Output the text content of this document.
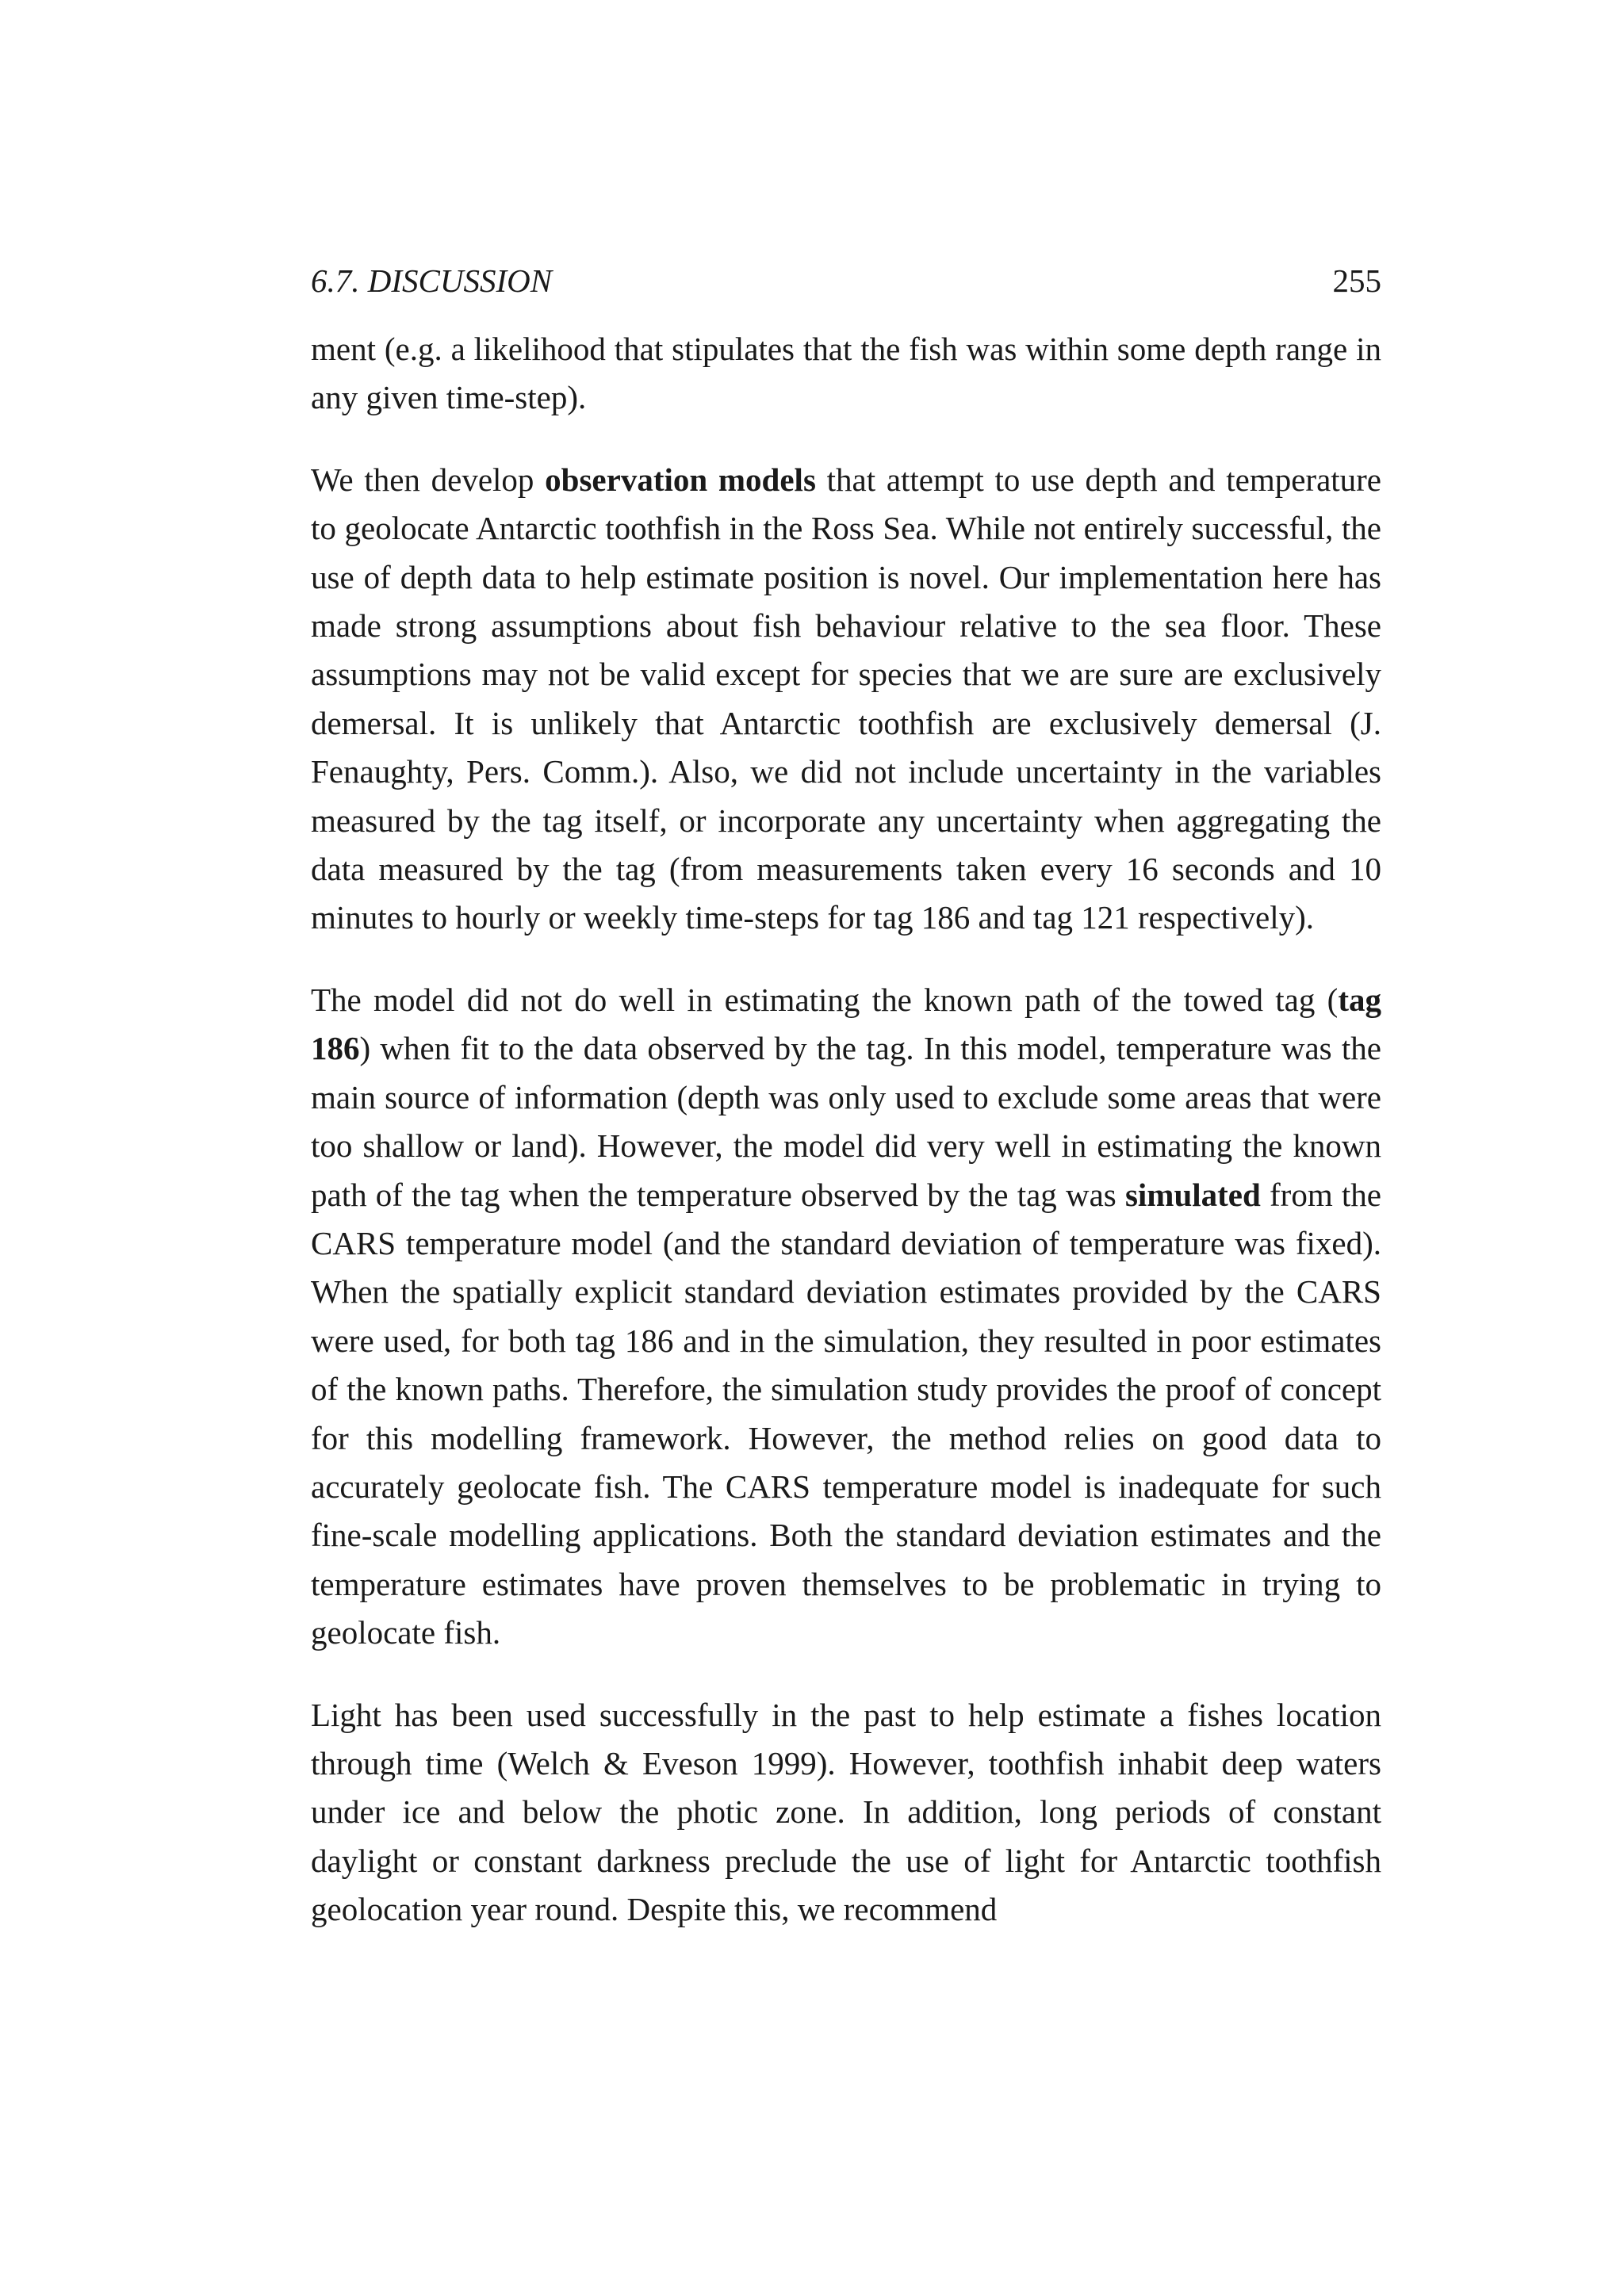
6.7. DISCUSSION	255

ment (e.g. a likelihood that stipulates that the fish was within some depth range in any given time-step).

We then develop observation models that attempt to use depth and temperature to geolocate Antarctic toothfish in the Ross Sea. While not entirely successful, the use of depth data to help estimate position is novel. Our implementation here has made strong assumptions about fish behaviour relative to the sea floor. These assumptions may not be valid except for species that we are sure are exclusively demersal. It is unlikely that Antarctic toothfish are exclusively demersal (J. Fenaughty, Pers. Comm.). Also, we did not include uncertainty in the variables measured by the tag itself, or incorporate any uncertainty when aggregating the data measured by the tag (from measurements taken every 16 seconds and 10 minutes to hourly or weekly time-steps for tag 186 and tag 121 respectively).

The model did not do well in estimating the known path of the towed tag (tag 186) when fit to the data observed by the tag. In this model, temperature was the main source of information (depth was only used to exclude some areas that were too shallow or land). However, the model did very well in estimating the known path of the tag when the temperature observed by the tag was simulated from the CARS temperature model (and the standard deviation of temperature was fixed). When the spatially explicit standard deviation estimates provided by the CARS were used, for both tag 186 and in the simulation, they resulted in poor estimates of the known paths. Therefore, the simulation study provides the proof of concept for this modelling framework. However, the method relies on good data to accurately geolocate fish. The CARS temperature model is inadequate for such fine-scale modelling applications. Both the standard deviation estimates and the temperature estimates have proven themselves to be problematic in trying to geolocate fish.

Light has been used successfully in the past to help estimate a fishes location through time (Welch & Eveson 1999). However, toothfish inhabit deep waters under ice and below the photic zone. In addition, long periods of constant daylight or constant darkness preclude the use of light for Antarctic toothfish geolocation year round. Despite this, we recommend
